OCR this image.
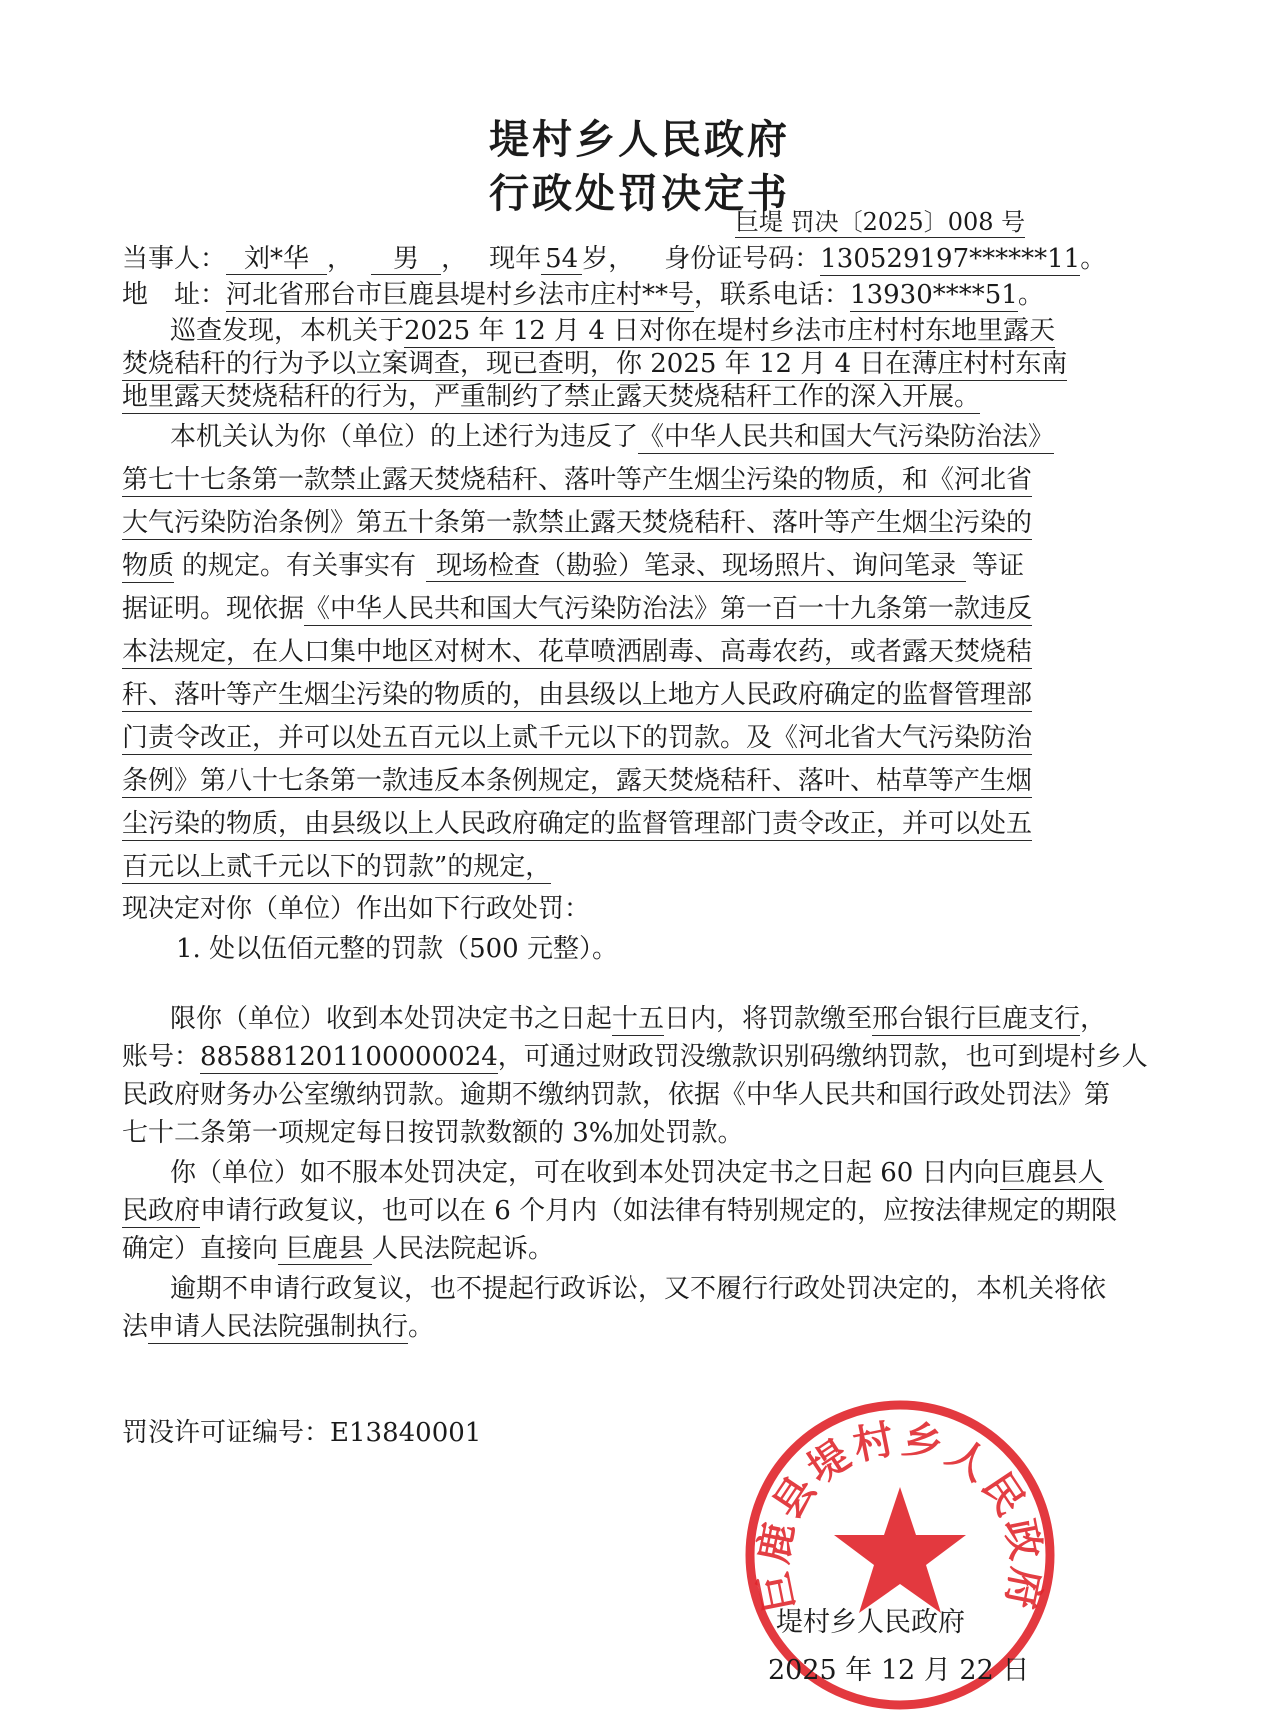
堤村乡人民政府
行政处罚决定书
巨堤 罚决〔2025〕008 号
当事人： 刘*华 ， 男 ， 现年 54 岁， 身份证号码：130529197******11。
地　址：河北省邢台市巨鹿县堤村乡法市庄村**号，联系电话：13930****51。
巡查发现，本机关于2025 年 12 月 4 日对你在堤村乡法市庄村村东地里露天
焚烧秸秆的行为予以立案调查，现已查明，你 2025 年 12 月 4 日在薄庄村村东南
地里露天焚烧秸秆的行为，严重制约了禁止露天焚烧秸秆工作的深入开展。
本机关认为你（单位）的上述行为违反了《中华人民共和国大气污染防治法》
第七十七条第一款禁止露天焚烧秸秆、落叶等产生烟尘污染的物质，和《河北省
大气污染防治条例》第五十条第一款禁止露天焚烧秸秆、落叶等产生烟尘污染的
物质 的规定。有关事实有 现场检查（勘验）笔录、现场照片、询问笔录 等证
据证明。现依据《中华人民共和国大气污染防治法》第一百一十九条第一款违反
本法规定，在人口集中地区对树木、花草喷洒剧毒、高毒农药，或者露天焚烧秸
秆、落叶等产生烟尘污染的物质的，由县级以上地方人民政府确定的监督管理部
门责令改正，并可以处五百元以上贰千元以下的罚款。及《河北省大气污染防治
条例》第八十七条第一款违反本条例规定，露天焚烧秸秆、落叶、枯草等产生烟
尘污染的物质，由县级以上人民政府确定的监督管理部门责令改正，并可以处五
百元以上贰千元以下的罚款”的规定，
现决定对你（单位）作出如下行政处罚：
1. 处以伍佰元整的罚款（500 元整）。
限你（单位）收到本处罚决定书之日起十五日内，将罚款缴至邢台银行巨鹿支行，
账号：885881201100000024，可通过财政罚没缴款识别码缴纳罚款，也可到堤村乡人
民政府财务办公室缴纳罚款。逾期不缴纳罚款，依据《中华人民共和国行政处罚法》第
七十二条第一项规定每日按罚款数额的 3%加处罚款。
你（单位）如不服本处罚决定，可在收到本处罚决定书之日起 60 日内向巨鹿县人
民政府申请行政复议，也可以在 6 个月内（如法律有特别规定的，应按法律规定的期限
确定）直接向 巨鹿县 人民法院起诉。
逾期不申请行政复议，也不提起行政诉讼，又不履行行政处罚决定的，本机关将依
法申请人民法院强制执行。
罚没许可证编号：E13840001
巨鹿县堤村乡人民政府
堤村乡人民政府
2025 年 12 月 22 日
